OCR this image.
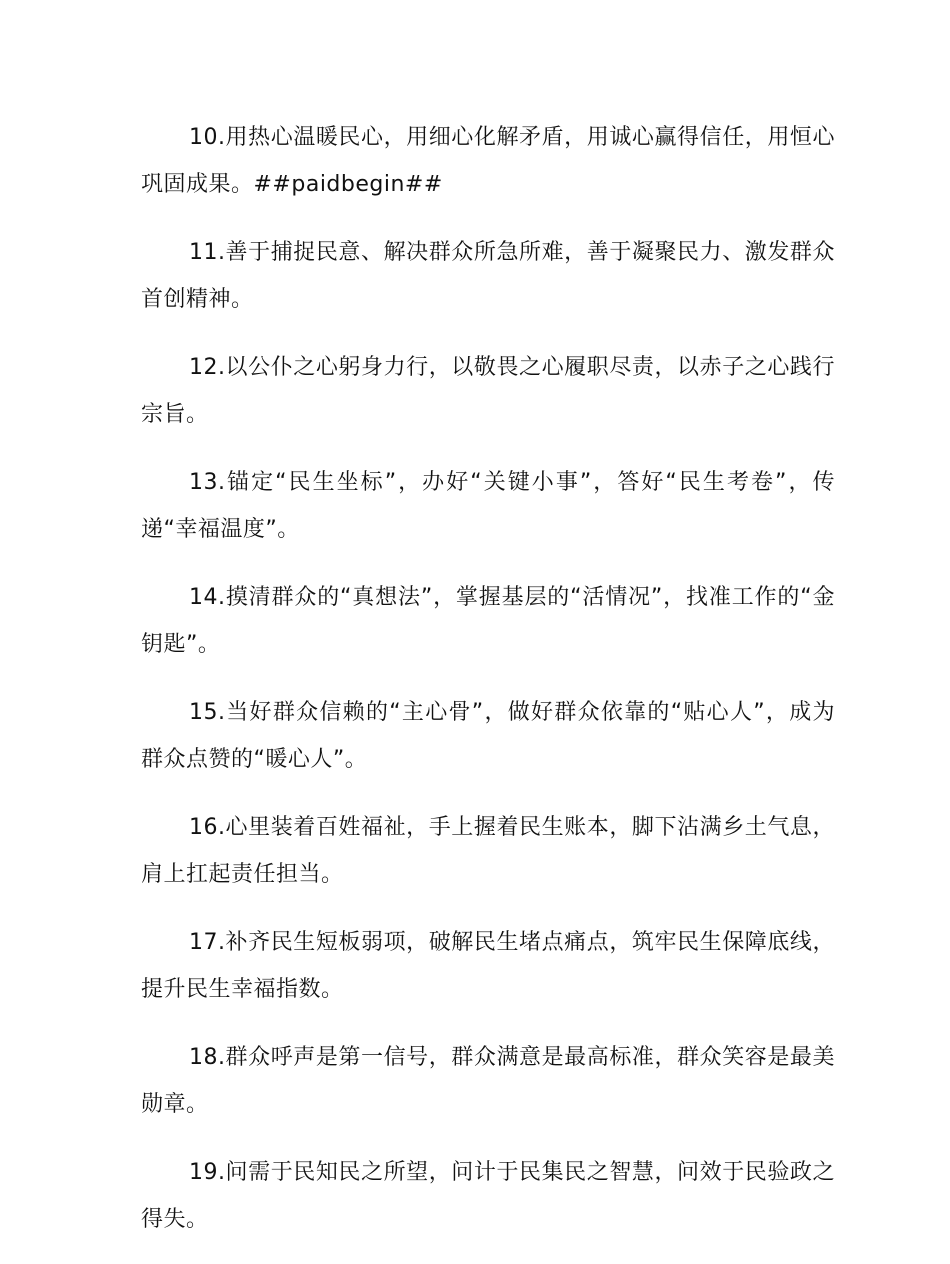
10.用热心温暖民心，用细心化解矛盾，用诚心赢得信任，用恒心巩固成果。##paidbegin##

11.善于捕捉民意、解决群众所急所难，善于凝聚民力、激发群众首创精神。

12.以公仆之心躬身力行，以敬畏之心履职尽责，以赤子之心践行宗旨。

13.锚定“民生坐标”，办好“关键小事”，答好“民生考卷”，传递“幸福温度”。

14.摸清群众的“真想法”，掌握基层的“活情况”，找准工作的“金钥匙”。

15.当好群众信赖的“主心骨”，做好群众依靠的“贴心人”，成为群众点赞的“暖心人”。

16.心里装着百姓福祉，手上握着民生账本，脚下沾满乡土气息，肩上扛起责任担当。

17.补齐民生短板弱项，破解民生堵点痛点，筑牢民生保障底线，提升民生幸福指数。

18.群众呼声是第一信号，群众满意是最高标准，群众笑容是最美勋章。

19.问需于民知民之所望，问计于民集民之智慧，问效于民验政之得失。
